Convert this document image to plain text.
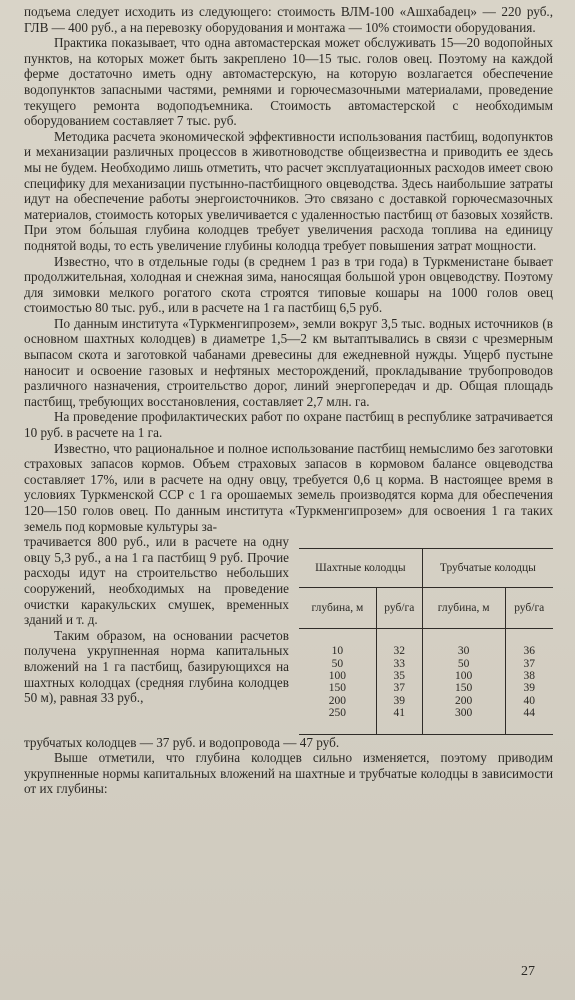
подъема следует исходить из следующего: стоимость ВЛМ-100 «Ашхабадец» — 220 руб., ГЛВ — 400 руб., а на перевозку оборудования и монтажа — 10% стоимости оборудования.

Практика показывает, что одна автомастерская может обслуживать 15—20 водопойных пунктов, на которых может быть закреплено 10—15 тыс. голов овец. Поэтому на каждой ферме достаточно иметь одну автомастерскую, на которую возлагается обеспечение водопунктов запасными частями, ремнями и горючесмазочными материалами, проведение текущего ремонта водоподъемника. Стоимость автомастерской с необходимым оборудованием составляет 7 тыс. руб.

Методика расчета экономической эффективности использования пастбищ, водопунктов и механизации различных процессов в животноводстве общеизвестна и приводить ее здесь мы не будем. Необходимо лишь отметить, что расчет эксплуатационных расходов имеет свою специфику для механизации пустынно-пастбищного овцеводства. Здесь наибольшие затраты идут на обеспечение работы энергоисточников. Это связано с доставкой горючесмазочных материалов, стоимость которых увеличивается с удаленностью пастбищ от базовых хозяйств. При этом бо́льшая глубина колодцев требует увеличения расхода топлива на единицу поднятой воды, то есть увеличение глубины колодца требует повышения затрат мощности.

Известно, что в отдельные годы (в среднем 1 раз в три года) в Туркменистане бывает продолжительная, холодная и снежная зима, наносящая большой урон овцеводству. Поэтому для зимовки мелкого рогатого скота строятся типовые кошары на 1000 голов овец стоимостью 80 тыс. руб., или в расчете на 1 га пастбищ 6,5 руб.

По данным института «Туркменгипрозем», земли вокруг 3,5 тыс. водных источников (в основном шахтных колодцев) в диаметре 1,5—2 км вытаптывались в связи с чрезмерным выпасом скота и заготовкой чабанами древесины для ежедневной нужды. Ущерб пустыне наносит и освоение газовых и нефтяных месторождений, прокладывание трубопроводов различного назначения, строительство дорог, линий энергопередач и др. Общая площадь пастбищ, требующих восстановления, составляет 2,7 млн. га.

На проведение профилактических работ по охране пастбищ в республике затрачивается 10 руб. в расчете на 1 га.

Известно, что рациональное и полное использование пастбищ немыслимо без заготовки страховых запасов кормов. Объем страховых запасов в кормовом балансе овцеводства составляет 17%, или в расчете на одну овцу, требуется 0,6 ц корма. В настоящее время в условиях Туркменской ССР с 1 га орошаемых земель производятся корма для обеспечения 120—150 голов овец. По данным института «Туркменгипрозем» для освоения 1 га таких земель под кормовые культуры за-

Шахтные колодцы		Трубчатые колодцы	
глубина, м	руб/га	глубина, м	руб/га
10	32	30	36
50	33	50	37
100	35	100	38
150	37	150	39
200	39	200	40
250	41	300	44

трачивается 800 руб., или в расчете на одну овцу 5,3 руб., а на 1 га пастбищ 9 руб. Прочие расходы идут на строительство небольших сооружений, необходимых на проведение очистки каракульских смушек, временных зданий и т. д.

Таким образом, на основании расчетов получена укрупненная норма капитальных вложений на 1 га пастбищ, базирующихся на шахтных колодцах (средняя глубина колодцев 50 м), равная 33 руб.,

трубчатых колодцев — 37 руб. и водопровода — 47 руб.

Выше отметили, что глубина колодцев сильно изменяется, поэтому приводим укрупненные нормы капитальных вложений на шахтные и трубчатые колодцы в зависимости от их глубины:

27
